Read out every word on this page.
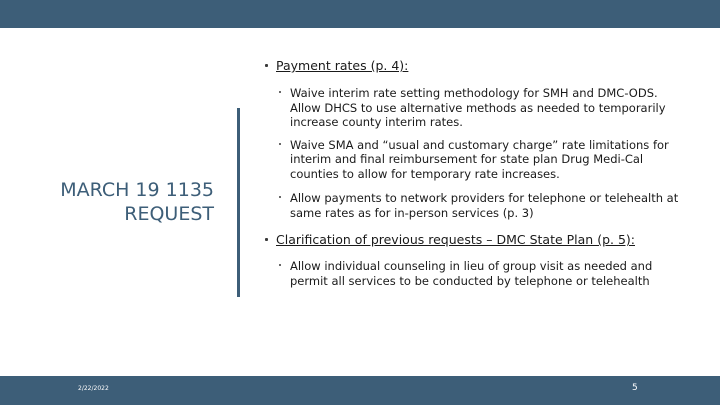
MARCH 19 1135 REQUEST
Payment rates (p. 4):
Waive interim rate setting methodology for SMH and DMC-ODS. Allow DHCS to use alternative methods as needed to temporarily increase county interim rates.
Waive SMA and “usual and customary charge” rate limitations for interim and final reimbursement for state plan Drug Medi-Cal counties to allow for temporary rate increases.
Allow payments to network providers for telephone or telehealth at same rates as for in-person services (p. 3)
Clarification of previous requests – DMC State Plan (p. 5):
Allow individual counseling in lieu of group visit as needed and permit all services to be conducted by telephone or telehealth
2/22/2022	5
